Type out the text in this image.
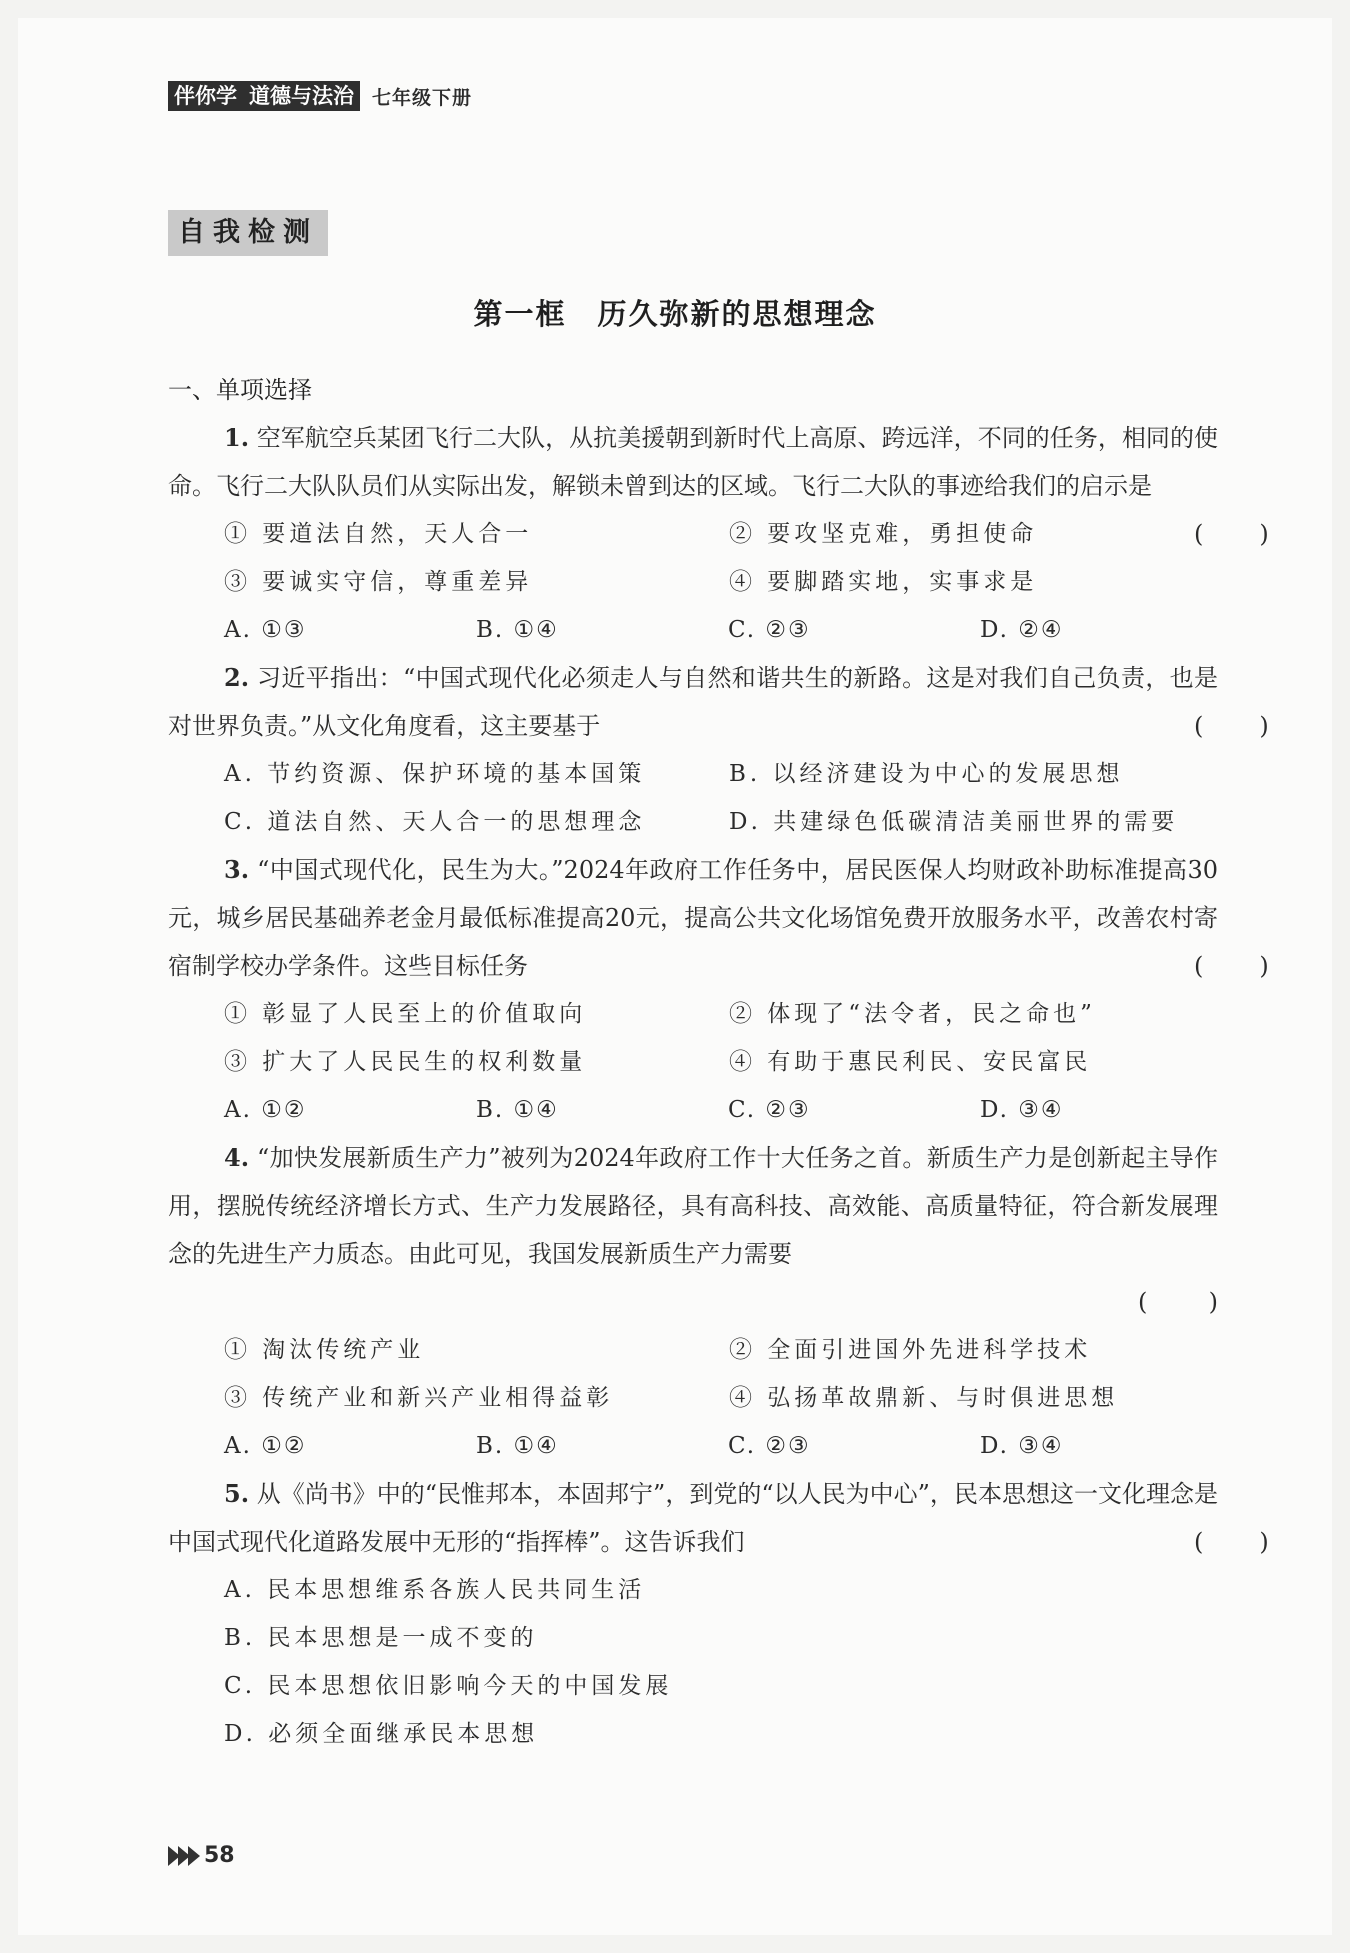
伴你学 道德与法治 七年级下册
自我检测
第一框　历久弥新的思想理念
一、单项选择

1. 空军航空兵某团飞行二大队，从抗美援朝到新时代上高原、跨远洋，不同的任务，相同的使命。飞行二大队队员们从实际出发，解锁未曾到达的区域。飞行二大队的事迹给我们的启示是
(	)

① 要道法自然，天人合一	② 要攻坚克难，勇担使命
③ 要诚实守信，尊重差异	④ 要脚踏实地，实事求是
A. ①③	B. ①④	C. ②③	D. ②④

2. 习近平指出：“中国式现代化必须走人与自然和谐共生的新路。这是对我们自己负责，也是对世界负责。”从文化角度看，这主要基于	(	)

A. 节约资源、保护环境的基本国策	B. 以经济建设为中心的发展思想
C. 道法自然、天人合一的思想理念	D. 共建绿色低碳清洁美丽世界的需要

3. “中国式现代化，民生为大。”2024年政府工作任务中，居民医保人均财政补助标准提高30元，城乡居民基础养老金月最低标准提高20元，提高公共文化场馆免费开放服务水平，改善农村寄宿制学校办学条件。这些目标任务	(	)

① 彰显了人民至上的价值取向	② 体现了“法令者，民之命也”
③ 扩大了人民民生的权利数量	④ 有助于惠民利民、安民富民
A. ①②	B. ①④	C. ②③	D. ③④

4. “加快发展新质生产力”被列为2024年政府工作十大任务之首。新质生产力是创新起主导作用，摆脱传统经济增长方式、生产力发展路径，具有高科技、高效能、高质量特征，符合新发展理念的先进生产力质态。由此可见，我国发展新质生产力需要

(	)
① 淘汰传统产业	② 全面引进国外先进科学技术
③ 传统产业和新兴产业相得益彰	④ 弘扬革故鼎新、与时俱进思想
A. ①②	B. ①④	C. ②③	D. ③④

5. 从《尚书》中的“民惟邦本，本固邦宁”，到党的“以人民为中心”，民本思想这一文化理念是中国式现代化道路发展中无形的“指挥棒”。这告诉我们	(	)

A. 民本思想维系各族人民共同生活
B. 民本思想是一成不变的
C. 民本思想依旧影响今天的中国发展
D. 必须全面继承民本思想
58
